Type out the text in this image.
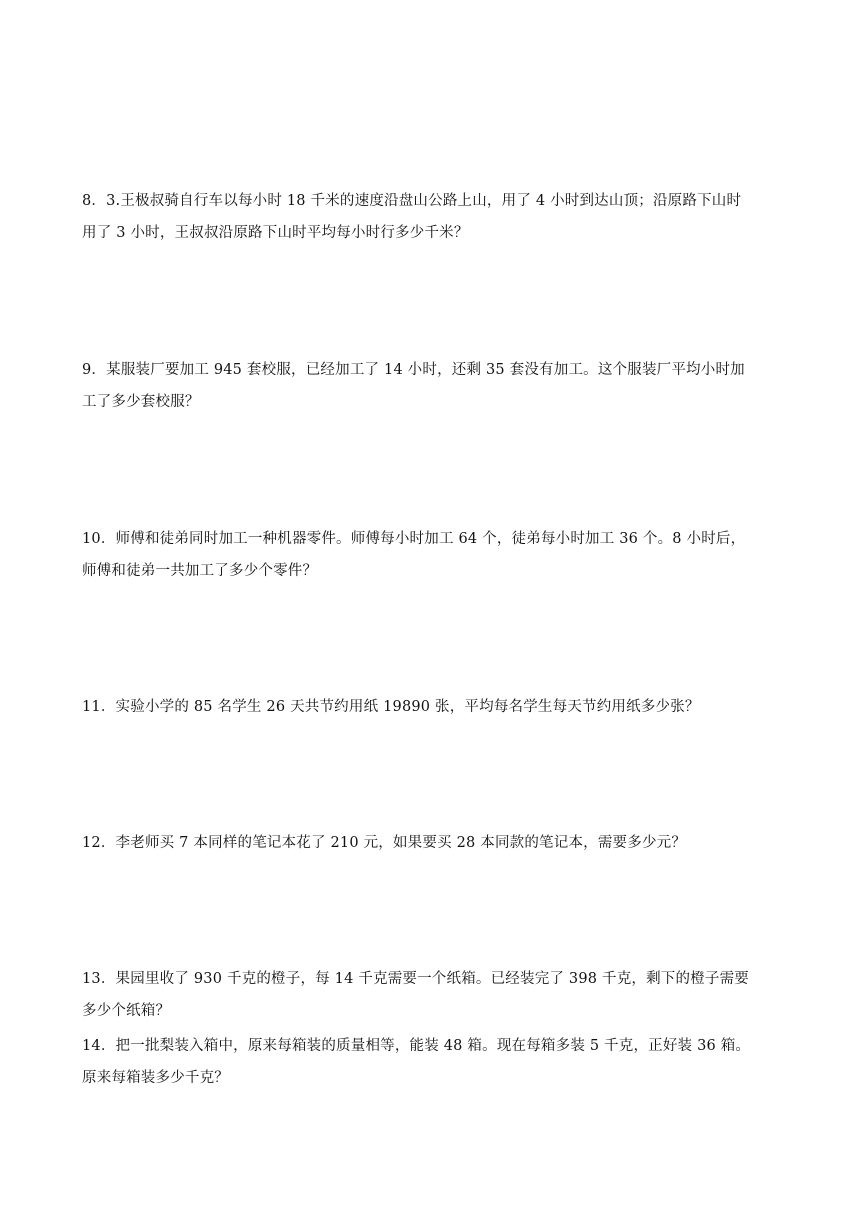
8．3.王极叔骑自行车以每小时 18 千米的速度沿盘山公路上山，用了 4 小时到达山顶；沿原路下山时
用了 3 小时，王叔叔沿原路下山时平均每小时行多少千米？
9．某服装厂要加工 945 套校服，已经加工了 14 小时，还剩 35 套没有加工。这个服装厂平均小时加
工了多少套校服？
10．师傅和徒弟同时加工一种机器零件。师傅每小时加工 64 个，徒弟每小时加工 36 个。8 小时后，
师傅和徒弟一共加工了多少个零件？
11．实验小学的 85 名学生 26 天共节约用纸 19890 张，平均每名学生每天节约用纸多少张？
12．李老师买 7 本同样的笔记本花了 210 元，如果要买 28 本同款的笔记本，需要多少元？
13．果园里收了 930 千克的橙子，每 14 千克需要一个纸箱。已经装完了 398 千克，剩下的橙子需要
多少个纸箱？
14．把一批梨装入箱中，原来每箱装的质量相等，能装 48 箱。现在每箱多装 5 千克，正好装 36 箱。
原来每箱装多少千克？
